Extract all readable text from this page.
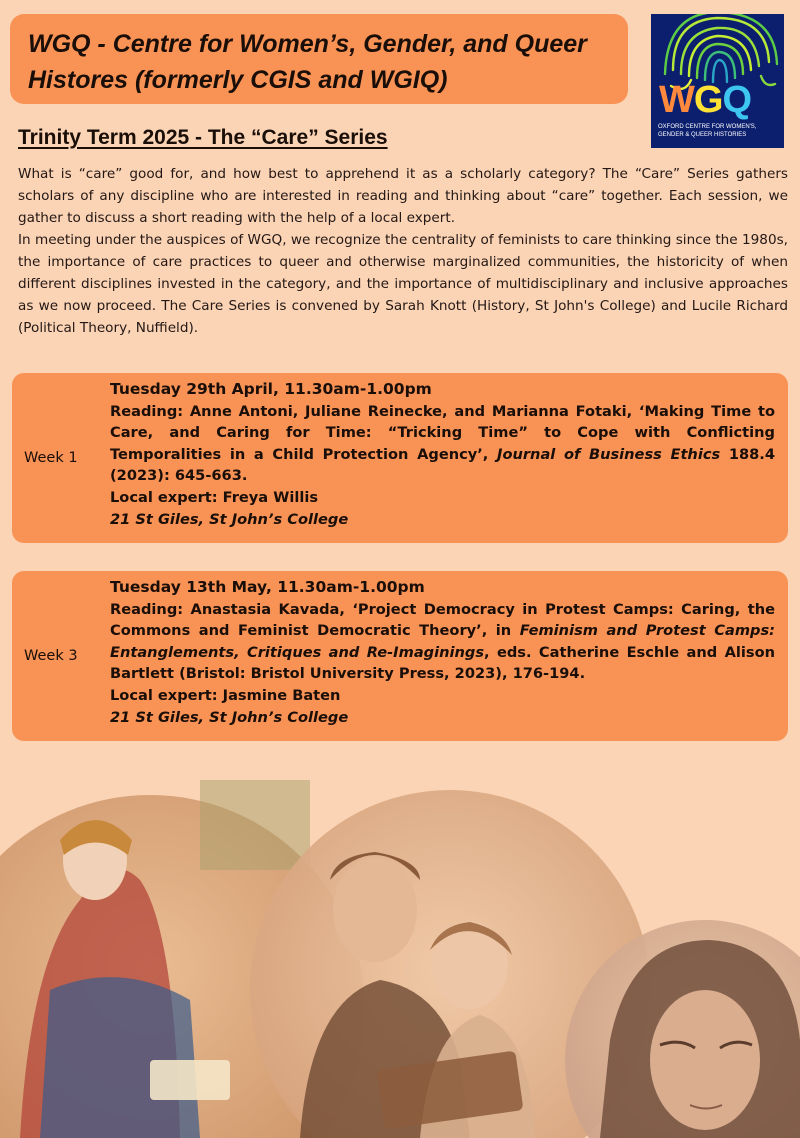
WGQ - Centre for Women’s, Gender, and Queer Histores (formerly CGIS and WGIQ)	WGQ
OXFORD CENTRE FOR WOMEN'S, GENDER & QUEER HISTORIES
Trinity Term 2025 - The “Care” Series

What is “care” good for, and how best to apprehend it as a scholarly category? The “Care” Series gathers scholars of any discipline who are interested in reading and thinking about “care” together. Each session, we gather to discuss a short reading with the help of a local expert.

In meeting under the auspices of WGQ, we recognize the centrality of feminists to care thinking since the 1980s, the importance of care practices to queer and otherwise marginalized communities, the historicity of when different disciplines invested in the category, and the importance of multidisciplinary and inclusive approaches as we now proceed. The Care Series is convened by Sarah Knott (History, St John's College) and Lucile Richard (Political Theory, Nuffield).

Week 1
Tuesday 29th April, 11.30am-1.00pm
Reading: Anne Antoni, Juliane Reinecke, and Marianna Fotaki, ‘Making Time to Care, and Caring for Time: “Tricking Time” to Cope with Conflicting Temporalities in a Child Protection Agency’, Journal of Business Ethics 188.4 (2023): 645-663.
Local expert: Freya Willis
21 St Giles, St John’s College
Week 3
Tuesday 13th May, 11.30am-1.00pm
Reading: Anastasia Kavada, ‘Project Democracy in Protest Camps: Caring, the Commons and Feminist Democratic Theory’, in Feminism and Protest Camps: Entanglements, Critiques and Re-Imaginings, eds. Catherine Eschle and Alison Bartlett (Bristol: Bristol University Press, 2023), 176-194.
Local expert: Jasmine Baten
21 St Giles, St John’s College
